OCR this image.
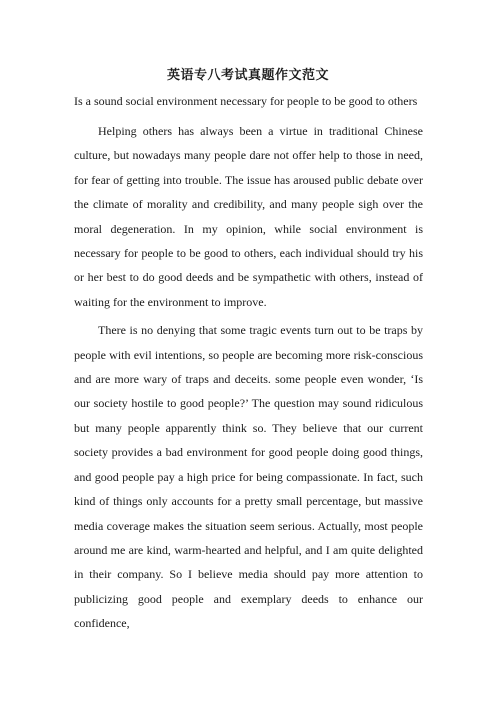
英语专八考试真题作文范文

Is a sound social environment necessary for people to be good to others

Helping others has always been a virtue in traditional Chinese culture, but nowadays many people dare not offer help to those in need, for fear of getting into trouble. The issue has aroused public debate over the climate of morality and credibility, and many people sigh over the moral degeneration. In my opinion, while social environment is necessary for people to be good to others, each individual should try his or her best to do good deeds and be sympathetic with others, instead of waiting for the environment to improve.

There is no denying that some tragic events turn out to be traps by people with evil intentions, so people are becoming more risk-conscious and are more wary of traps and deceits. some people even wonder, ‘Is our society hostile to good people?’ The question may sound ridiculous but many people apparently think so. They believe that our current society provides a bad environment for good people doing good things, and good people pay a high price for being compassionate. In fact, such kind of things only accounts for a pretty small percentage, but massive media coverage makes the situation seem serious. Actually, most people around me are kind, warm-hearted and helpful, and I am quite delighted in their company. So I believe media should pay more attention to publicizing good people and exemplary deeds to enhance our confidence,
